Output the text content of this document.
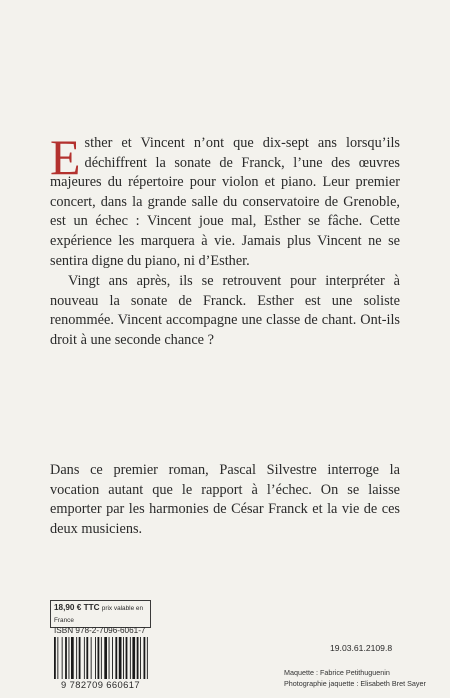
Esther et Vincent n’ont que dix-sept ans lorsqu’ils déchiffrent la sonate de Franck, l’une des œuvres majeures du répertoire pour violon et piano. Leur premier concert, dans la grande salle du conservatoire de Grenoble, est un échec : Vincent joue mal, Esther se fâche. Cette expérience les marquera à vie. Jamais plus Vincent ne se sentira digne du piano, ni d’Esther.

Vingt ans après, ils se retrouvent pour interpréter à nouveau la sonate de Franck. Esther est une soliste renommée. Vincent accompagne une classe de chant. Ont-ils droit à une seconde chance ?

Dans ce premier roman, Pascal Silvestre interroge la vocation autant que le rapport à l’échec. On se laisse emporter par les harmonies de César Franck et la vie de ces deux musiciens.

18,90 € TTC prix valable en France
ISBN 978-2-7096-6061-7
9 782709 660617
19.03.61.2109.8
Maquette : Fabrice Petithuguenin
Photographie jaquette : Elisabeth Bret Sayer
